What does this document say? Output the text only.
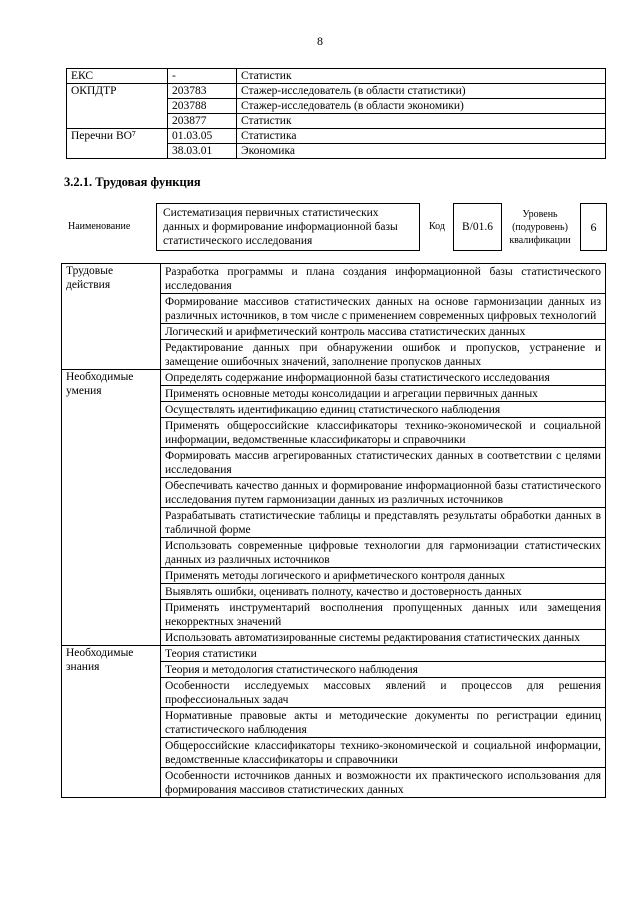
8
ЕКС	-	Статистик
ОКПДТР	203783	Стажер-исследователь (в области статистики)
	203788	Стажер-исследователь (в области экономики)
	203877	Статистик
Перечни ВО⁷	01.03.05	Статистика
	38.03.01	Экономика
3.2.1. Трудовая функция
Наименование
Систематизация первичных статистических данных и формирование информационной базы статистического исследования
Код	B/01.6
Уровень (подуровень) квалификации
6
Трудовые действия	Разработка программы и плана создания информационной базы статистического исследования
	Формирование массивов статистических данных на основе гармонизации данных из различных источников, в том числе с применением современных цифровых технологий
	Логический и арифметический контроль массива статистических данных
	Редактирование данных при обнаружении ошибок и пропусков, устранение и замещение ошибочных значений, заполнение пропусков данных
Необходимые умения	Определять содержание информационной базы статистического исследования
	Применять основные методы консолидации и агрегации первичных данных
	Осуществлять идентификацию единиц статистического наблюдения
	Применять общероссийские классификаторы технико-экономической и социальной информации, ведомственные классификаторы и справочники
	Формировать массив агрегированных статистических данных в соответствии с целями исследования
	Обеспечивать качество данных и формирование информационной базы статистического исследования путем гармонизации данных из различных источников
	Разрабатывать статистические таблицы и представлять результаты обработки данных в табличной форме
	Использовать современные цифровые технологии для гармонизации статистических данных из различных источников
	Применять методы логического и арифметического контроля данных
	Выявлять ошибки, оценивать полноту, качество и достоверность данных
	Применять инструментарий восполнения пропущенных данных или замещения некорректных значений
	Использовать автоматизированные системы редактирования статистических данных
Необходимые знания	Теория статистики
	Теория и методология статистического наблюдения
	Особенности исследуемых массовых явлений и процессов для решения профессиональных задач
	Нормативные правовые акты и методические документы по регистрации единиц статистического наблюдения
	Общероссийские классификаторы технико-экономической и социальной информации, ведомственные классификаторы и справочники
	Особенности источников данных и возможности их практического использования для формирования массивов статистических данных
